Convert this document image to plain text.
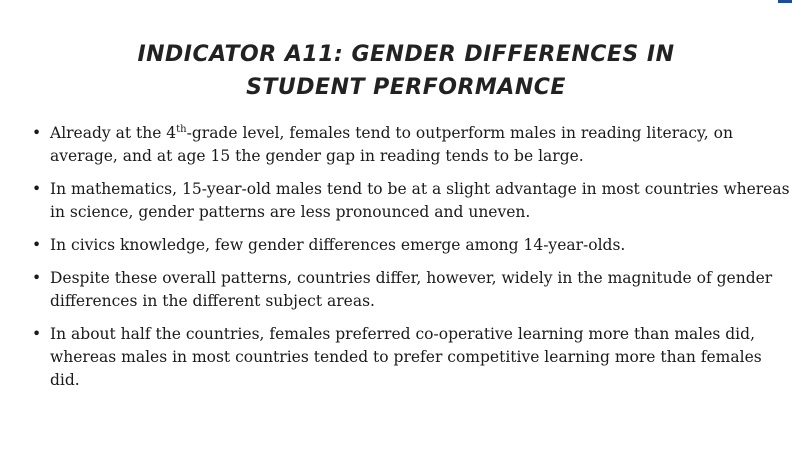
INDICATOR A11: GENDER DIFFERENCES IN
STUDENT PERFORMANCE
• Already at the 4th-grade level, females tend to outperform males in reading literacy, on average, and at age 15 the gender gap in reading tends to be large.
• In mathematics, 15-year-old males tend to be at a slight advantage in most countries whereas in science, gender patterns are less pronounced and uneven.
• In civics knowledge, few gender differences emerge among 14-year-olds.
• Despite these overall patterns, countries differ, however, widely in the magnitude of gender differences in the different subject areas.
• In about half the countries, females preferred co-operative learning more than males did, whereas males in most countries tended to prefer competitive learning more than females did.
